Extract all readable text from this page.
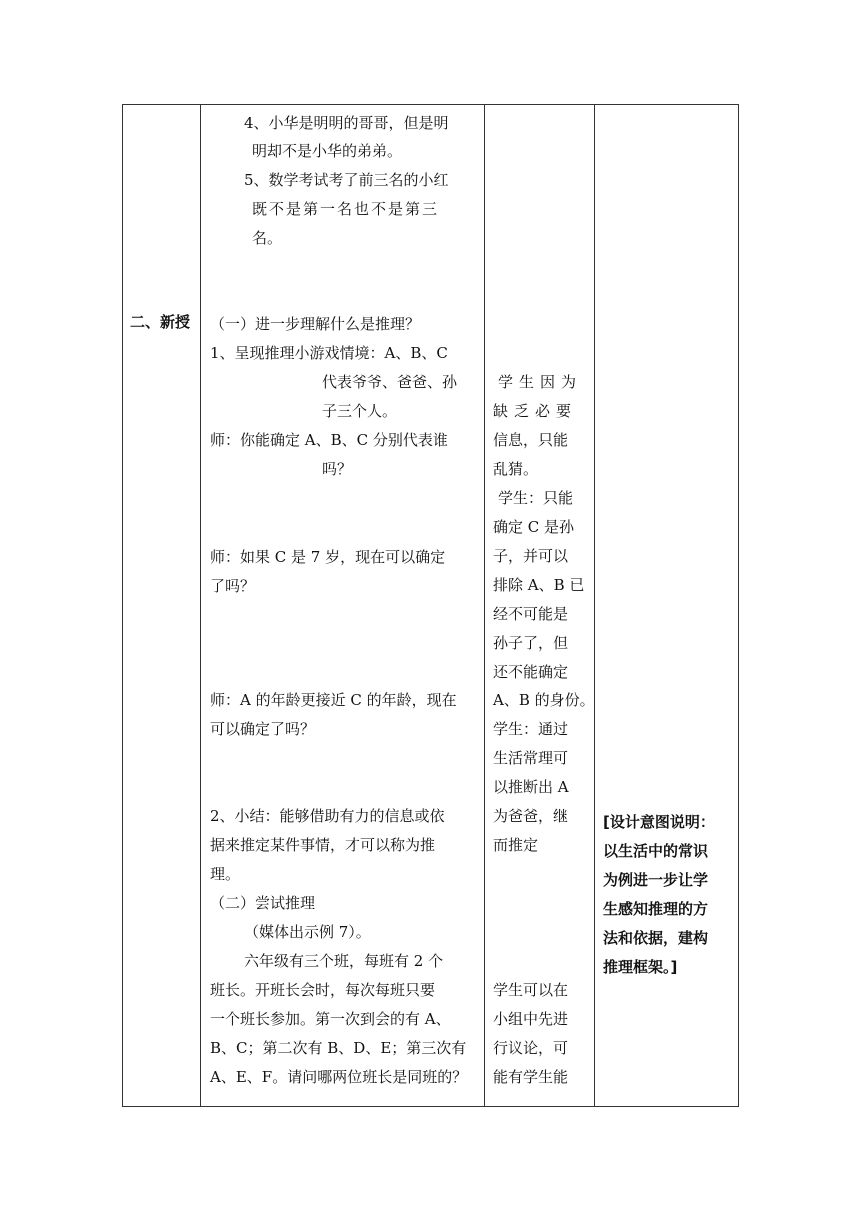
二、新授
4、小华是明明的哥哥，但是明
明却不是小华的弟弟。
5、数学考试考了前三名的小红
既不是第一名也不是第三
名。
（一）进一步理解什么是推理？
1、呈现推理小游戏情境：A、B、C
代表爷爷、爸爸、孙
子三个人。
师：你能确定 A、B、C 分别代表谁
吗？
师：如果 C 是 7 岁，现在可以确定
了吗？
师：A 的年龄更接近 C 的年龄，现在
可以确定了吗？
2、小结：能够借助有力的信息或依
据来推定某件事情，才可以称为推
理。
（二）尝试推理
（媒体出示例 7）。
六年级有三个班，每班有 2 个
班长。开班长会时，每次每班只要
一个班长参加。第一次到会的有 A、
B、C；第二次有 B、D、E；第三次有
A、E、F。请问哪两位班长是同班的？
学生因为
缺乏必要
信息，只能
乱猜。
学生：只能
确定 C 是孙
子，并可以
排除 A、B 已
经不可能是
孙子了，但
还不能确定
A、B 的身份。
学生：通过
生活常理可
以推断出 A
为爸爸，继
而推定
学生可以在
小组中先进
行议论，可
能有学生能
[设计意图说明：
以生活中的常识
为例进一步让学
生感知推理的方
法和依据，建构
推理框架。]
